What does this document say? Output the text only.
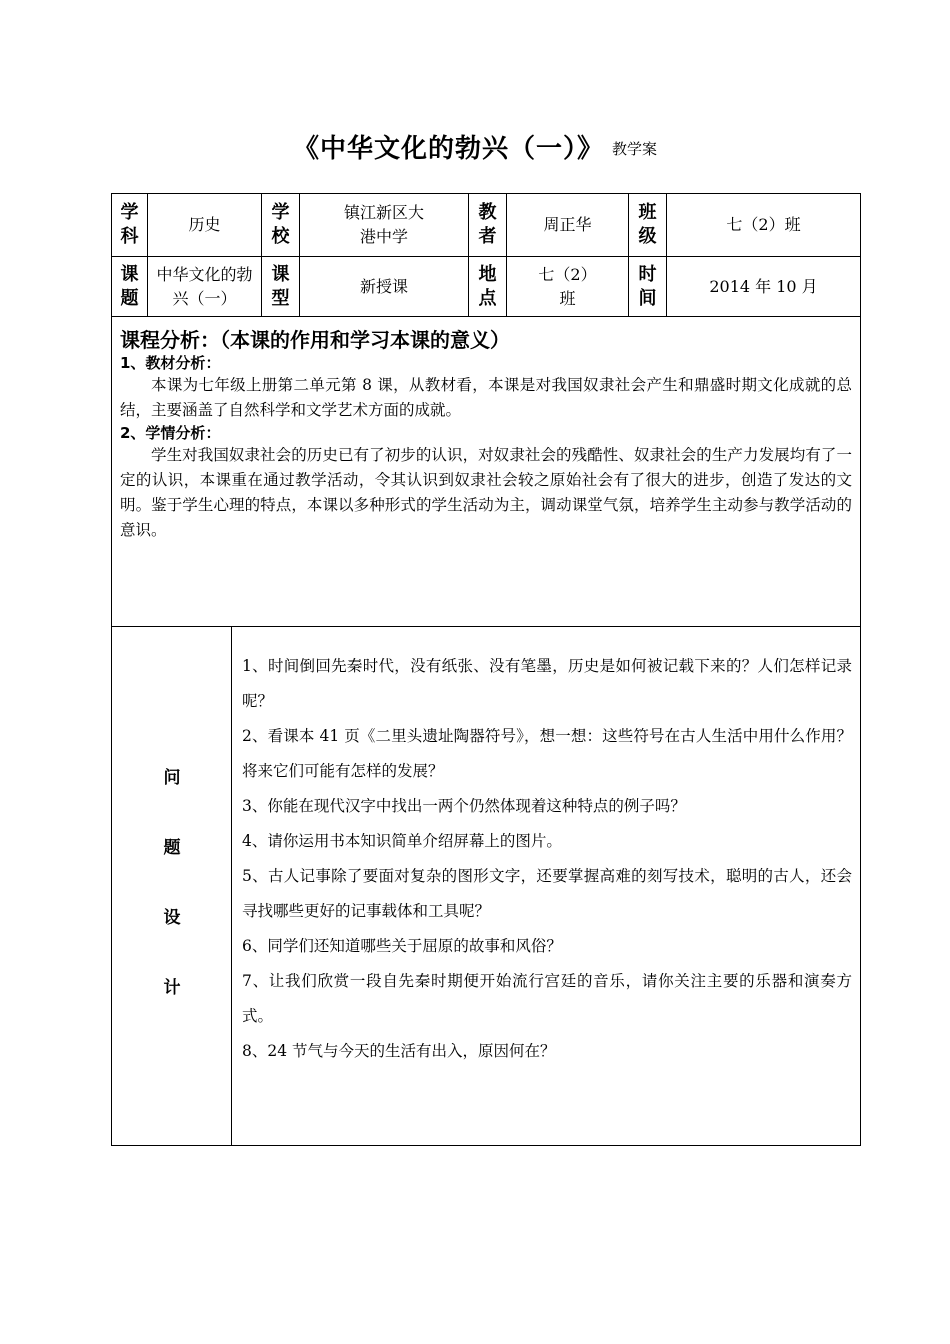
《中华文化的勃兴（一）》 教学案
学科
历史
学校
镇江新区大港中学
教者
周正华
班级
七（2）班
课题
中华文化的勃兴（一）
课型
新授课
地点
七（2）班
时间
2014 年 10 月
课程分析：（本课的作用和学习本课的意义）
1、教材分析：
本课为七年级上册第二单元第 8 课，从教材看，本课是对我国奴隶社会产生和鼎盛时期文化成就的总结，主要涵盖了自然科学和文学艺术方面的成就。
2、学情分析：
学生对我国奴隶社会的历史已有了初步的认识，对奴隶社会的残酷性、奴隶社会的生产力发展均有了一定的认识，本课重在通过教学活动，令其认识到奴隶社会较之原始社会有了很大的进步，创造了发达的文明。鉴于学生心理的特点，本课以多种形式的学生活动为主，调动课堂气氛，培养学生主动参与教学活动的意识。
问
题
设
计

1、时间倒回先秦时代，没有纸张、没有笔墨，历史是如何被记载下来的？人们怎样记录呢？

2、看课本 41 页《二里头遗址陶器符号》，想一想：这些符号在古人生活中用什么作用？将来它们可能有怎样的发展？

3、你能在现代汉字中找出一两个仍然体现着这种特点的例子吗？

4、请你运用书本知识简单介绍屏幕上的图片。

5、古人记事除了要面对复杂的图形文字，还要掌握高难的刻写技术，聪明的古人，还会寻找哪些更好的记事载体和工具呢？

6、同学们还知道哪些关于屈原的故事和风俗？

7、让我们欣赏一段自先秦时期便开始流行宫廷的音乐，请你关注主要的乐器和演奏方式。

8、24 节气与今天的生活有出入，原因何在？
